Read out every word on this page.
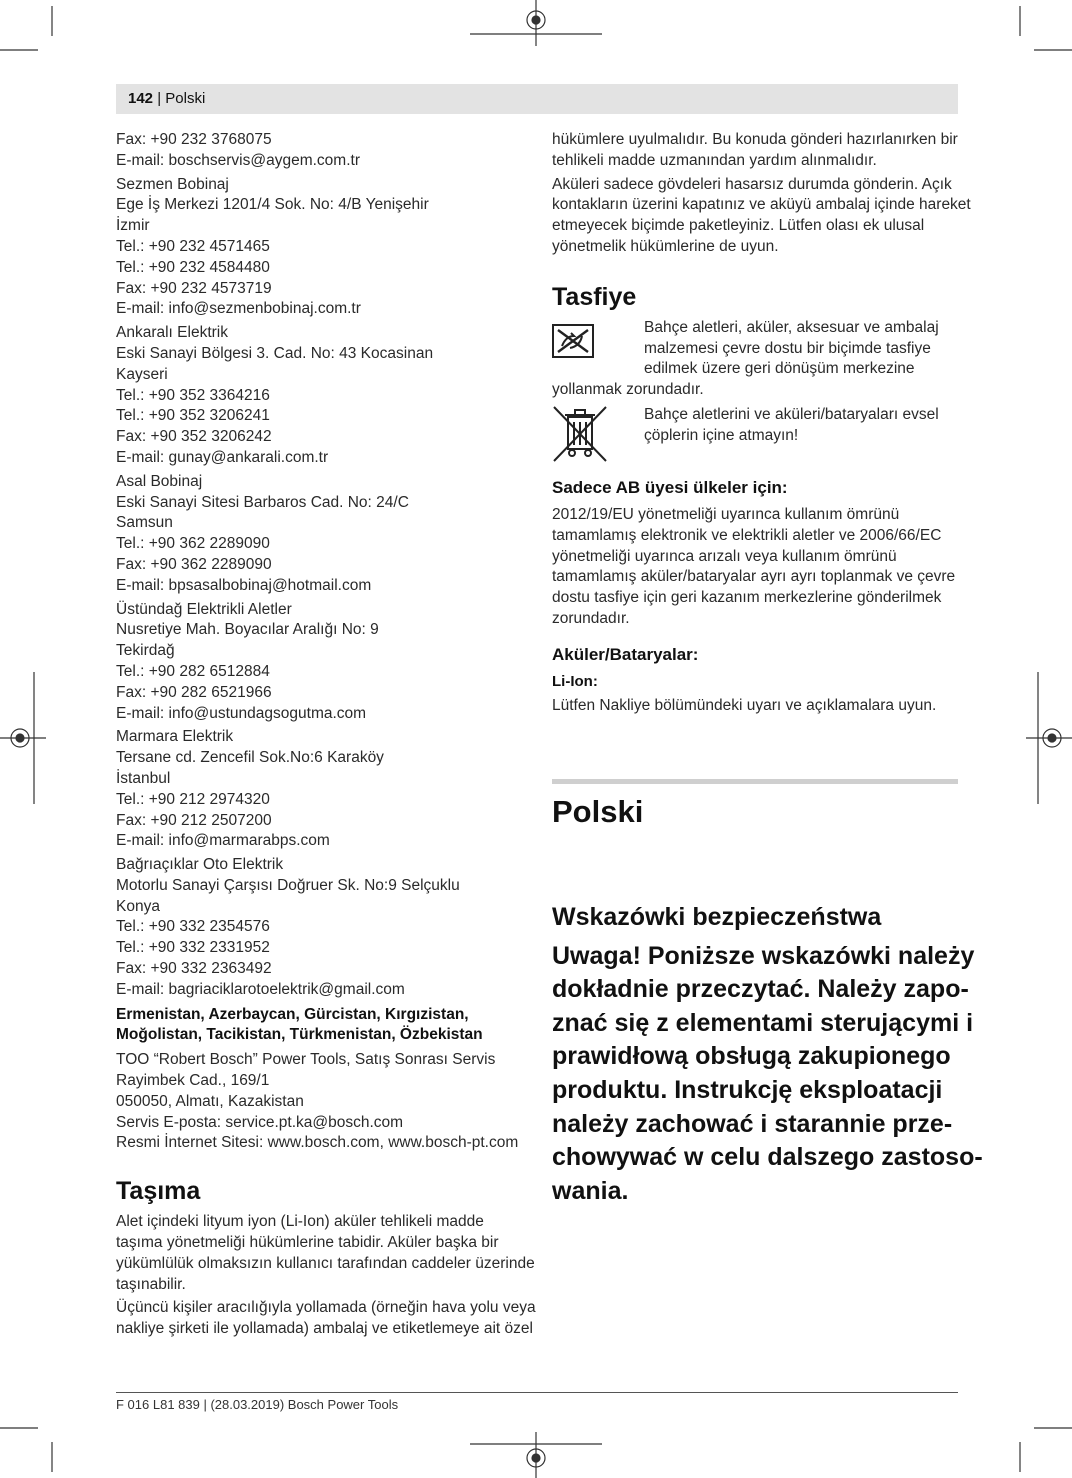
142 | Polski
Fax: +90 232 3768075
E-mail: boschservis@aygem.com.tr
Sezmen Bobinaj
Ege İş Merkezi 1201/4 Sok. No: 4/B Yenişehir
İzmir
Tel.: +90 232 4571465
Tel.: +90 232 4584480
Fax: +90 232 4573719
E-mail: info@sezmenbobinaj.com.tr
Ankaralı Elektrik
Eski Sanayi Bölgesi 3. Cad. No: 43 Kocasinan
Kayseri
Tel.: +90 352 3364216
Tel.: +90 352 3206241
Fax: +90 352 3206242
E-mail: gunay@ankarali.com.tr
Asal Bobinaj
Eski Sanayi Sitesi Barbaros Cad. No: 24/C
Samsun
Tel.: +90 362 2289090
Fax: +90 362 2289090
E-mail: bpsasalbobinaj@hotmail.com
Üstündağ Elektrikli Aletler
Nusretiye Mah. Boyacılar Aralığı No: 9
Tekirdağ
Tel.: +90 282 6512884
Fax: +90 282 6521966
E-mail: info@ustundagsogutma.com
Marmara Elektrik
Tersane cd. Zencefil Sok.No:6 Karaköy
İstanbul
Tel.: +90 212 2974320
Fax: +90 212 2507200
E-mail: info@marmarabps.com
Bağrıaçıklar Oto Elektrik
Motorlu Sanayi Çarşısı Doğruer Sk. No:9 Selçuklu
Konya
Tel.: +90 332 2354576
Tel.: +90 332 2331952
Fax: +90 332 2363492
E-mail: bagriaciklarotoelektrik@gmail.com
Ermenistan, Azerbaycan, Gürcistan, Kırgızistan,
Moğolistan, Tacikistan, Türkmenistan, Özbekistan
TOO “Robert Bosch” Power Tools, Satış Sonrası Servis
Rayimbek Cad., 169/1
050050, Almatı, Kazakistan
Servis E-posta: service.pt.ka@bosch.com
Resmi İnternet Sitesi: www.bosch.com, www.bosch-pt.com
Taşıma
Alet içindeki lityum iyon (Li-Ion) aküler tehlikeli madde
taşıma yönetmeliği hükümlerine tabidir. Aküler başka bir
yükümlülük olmaksızın kullanıcı tarafından caddeler üzerinde
taşınabilir.
Üçüncü kişiler aracılığıyla yollamada (örneğin hava yolu veya
nakliye şirketi ile yollamada) ambalaj ve etiketlemeye ait özel
hükümlere uyulmalıdır. Bu konuda gönderi hazırlanırken bir
tehlikeli madde uzmanından yardım alınmalıdır.
Aküleri sadece gövdeleri hasarsız durumda gönderin. Açık
kontakların üzerini kapatınız ve aküyü ambalaj içinde hareket
etmeyecek biçimde paketleyiniz. Lütfen olası ek ulusal
yönetmelik hükümlerine de uyun.
Tasfiye
Bahçe aletleri, aküler, aksesuar ve ambalaj
malzemesi çevre dostu bir biçimde tasfiye
edilmek üzere geri dönüşüm merkezine
yollanmak zorundadır.
Bahçe aletlerini ve aküleri/bataryaları evsel
çöplerin içine atmayın!
Sadece AB üyesi ülkeler için:
2012/19/EU yönetmeliği uyarınca kullanım ömrünü
tamamlamış elektronik ve elektrikli aletler ve 2006/66/EC
yönetmeliği uyarınca arızalı veya kullanım ömrünü
tamamlamış aküler/bataryalar ayrı ayrı toplanmak ve çevre
dostu tasfiye için geri kazanım merkezlerine gönderilmek
zorundadır.
Aküler/Bataryalar:
Li-Ion:
Lütfen Nakliye bölümündeki uyarı ve açıklamalara uyun.
Polski
Wskazówki bezpieczeństwa
Uwaga! Poniższe wskazówki należy
dokładnie przeczytać. Należy zapo-
znać się z elementami sterującymi i
prawidłową obsługą zakupionego
produktu. Instrukcję eksploatacji
należy zachować i starannie prze-
chowywać w celu dalszego zastoso-
wania.
F 016 L81 839 | (28.03.2019) Bosch Power Tools
